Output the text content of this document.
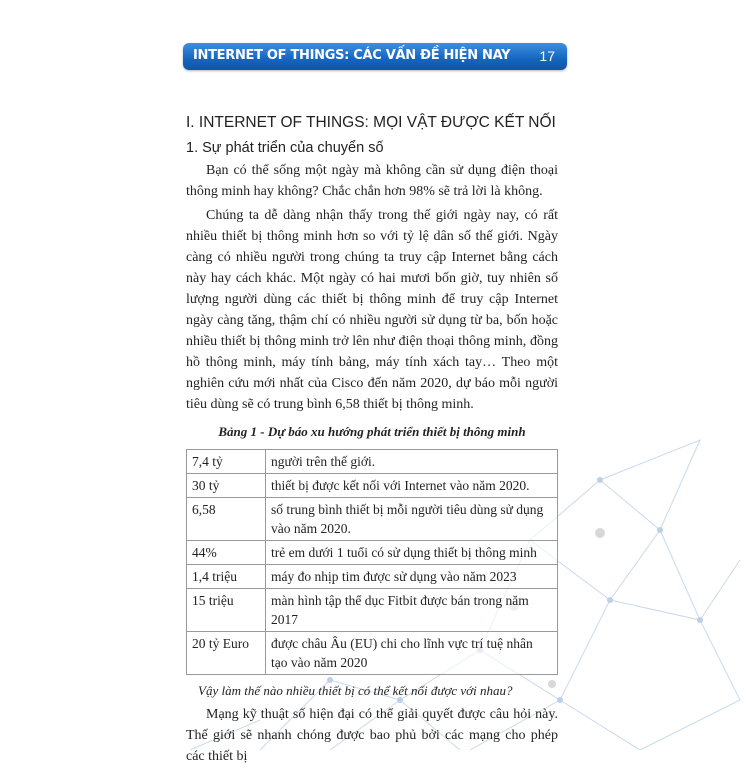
INTERNET OF THINGS: CÁC VẤN ĐỀ HIỆN NAY 17
I. INTERNET OF THINGS: MỌI VẬT ĐƯỢC KẾT NỐI
1. Sự phát triển của chuyển số

Bạn có thể sống một ngày mà không cần sử dụng điện thoại thông minh hay không? Chắc chắn hơn 98% sẽ trả lời là không.

Chúng ta dễ dàng nhận thấy trong thế giới ngày nay, có rất nhiều thiết bị thông minh hơn so với tỷ lệ dân số thế giới. Ngày càng có nhiều người trong chúng ta truy cập Internet bằng cách này hay cách khác. Một ngày có hai mươi bốn giờ, tuy nhiên số lượng người dùng các thiết bị thông minh để truy cập Internet ngày càng tăng, thậm chí có nhiều người sử dụng từ ba, bốn hoặc nhiều thiết bị thông minh trở lên như điện thoại thông minh, đồng hồ thông minh, máy tính bảng, máy tính xách tay… Theo một nghiên cứu mới nhất của Cisco đến năm 2020, dự báo mỗi người tiêu dùng sẽ có trung bình 6,58 thiết bị thông minh.

Bảng 1 - Dự báo xu hướng phát triển thiết bị thông minh
7,4 tỷ	người trên thế giới.
30 tỷ	thiết bị được kết nối với Internet vào năm 2020.
6,58	số trung bình thiết bị mỗi người tiêu dùng sử dụng vào năm 2020.
44%	trẻ em dưới 1 tuổi có sử dụng thiết bị thông minh
1,4 triệu	máy đo nhịp tim được sử dụng vào năm 2023
15 triệu	màn hình tập thể dục Fitbit được bán trong năm 2017
20 tỷ Euro	được châu Âu (EU) chi cho lĩnh vực trí tuệ nhân tạo vào năm 2020
Vậy làm thế nào nhiều thiết bị có thể kết nối được với nhau?

Mạng kỹ thuật số hiện đại có thể giải quyết được câu hỏi này. Thế giới sẽ nhanh chóng được bao phủ bởi các mạng cho phép các thiết bị
